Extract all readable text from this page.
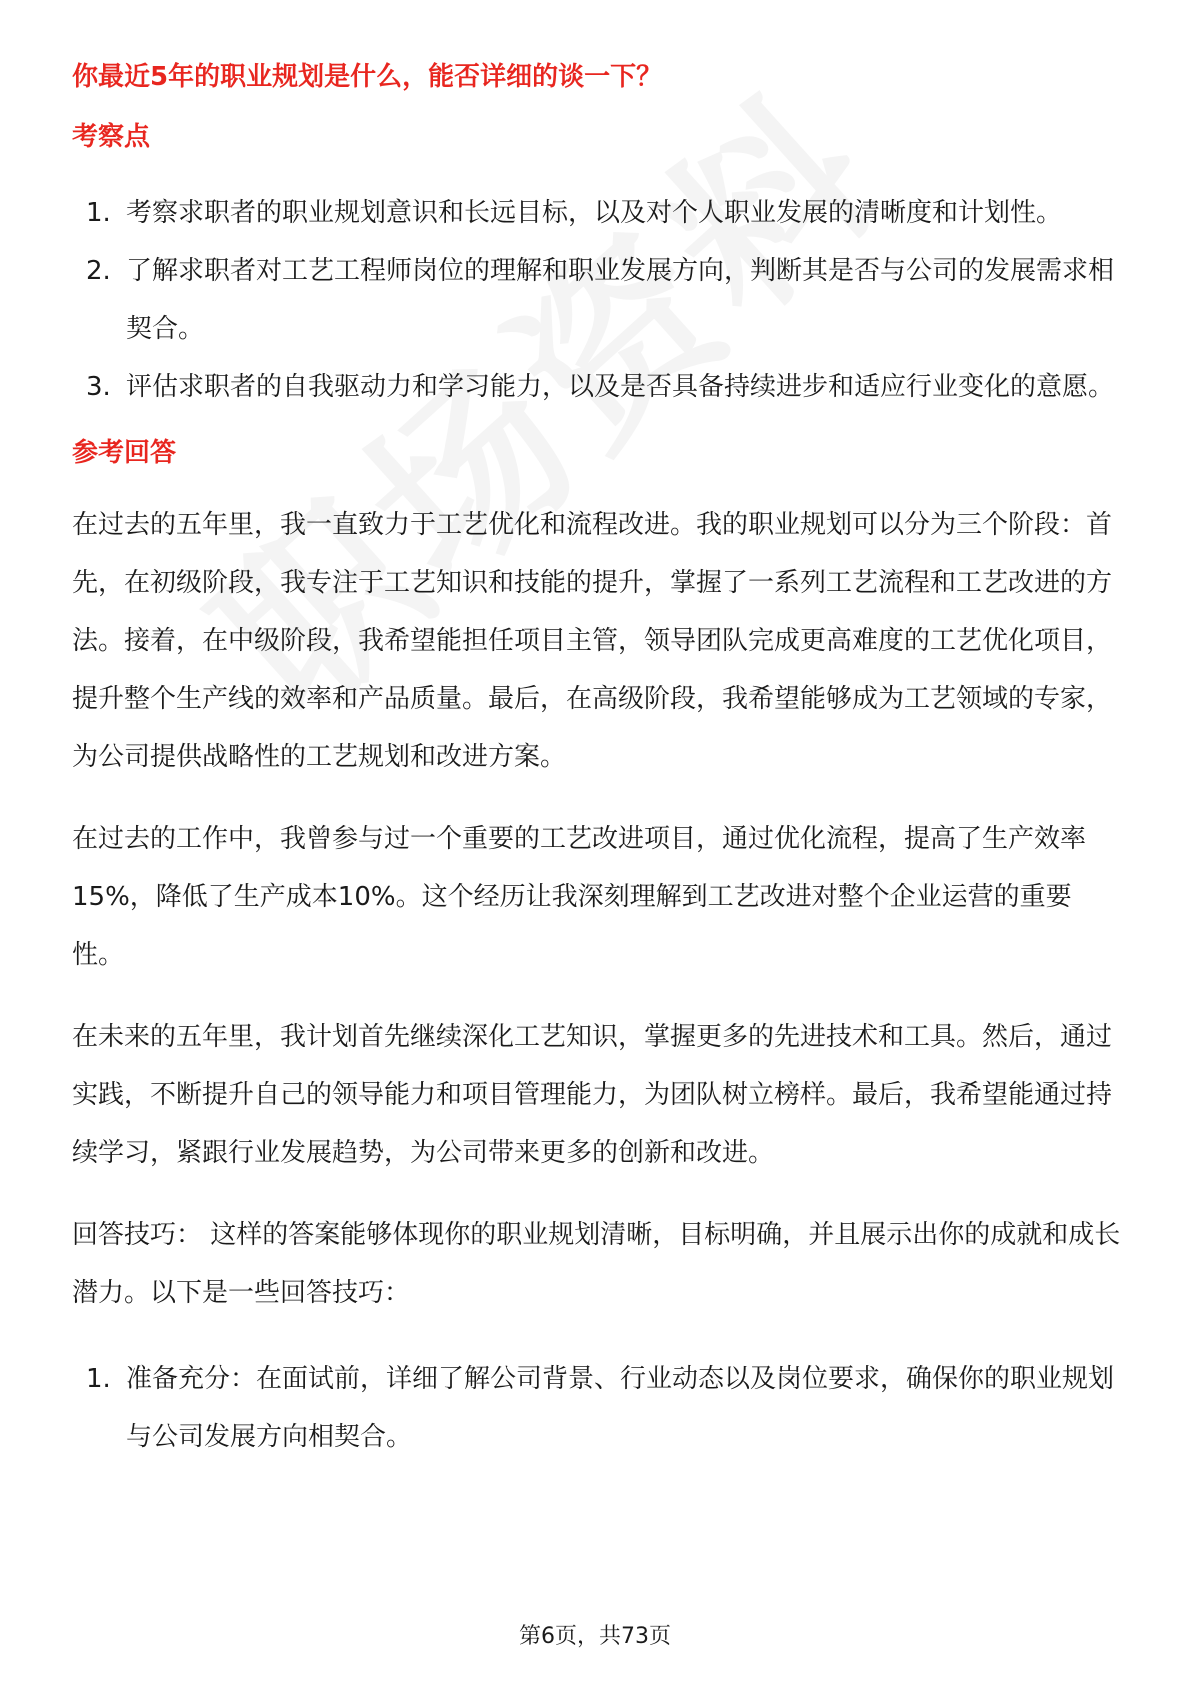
你最近5年的职业规划是什么，能否详细的谈一下？
考察点
1. 考察求职者的职业规划意识和长远目标，以及对个人职业发展的清晰度和计划性。
2. 了解求职者对工艺工程师岗位的理解和职业发展方向，判断其是否与公司的发展需求相契合。
3. 评估求职者的自我驱动力和学习能力，以及是否具备持续进步和适应行业变化的意愿。
参考回答

在过去的五年里，我一直致力于工艺优化和流程改进。我的职业规划可以分为三个阶段：首先，在初级阶段，我专注于工艺知识和技能的提升，掌握了一系列工艺流程和工艺改进的方法。接着，在中级阶段，我希望能担任项目主管，领导团队完成更高难度的工艺优化项目，提升整个生产线的效率和产品质量。最后，在高级阶段，我希望能够成为工艺领域的专家，为公司提供战略性的工艺规划和改进方案。

在过去的工作中，我曾参与过一个重要的工艺改进项目，通过优化流程，提高了生产效率15%，降低了生产成本10%。这个经历让我深刻理解到工艺改进对整个企业运营的重要性。

在未来的五年里，我计划首先继续深化工艺知识，掌握更多的先进技术和工具。然后，通过实践，不断提升自己的领导能力和项目管理能力，为团队树立榜样。最后，我希望能通过持续学习，紧跟行业发展趋势，为公司带来更多的创新和改进。

回答技巧： 这样的答案能够体现你的职业规划清晰，目标明确，并且展示出你的成就和成长潜力。以下是一些回答技巧：

1. 准备充分：在面试前，详细了解公司背景、行业动态以及岗位要求，确保你的职业规划与公司发展方向相契合。
第6页，共73页
